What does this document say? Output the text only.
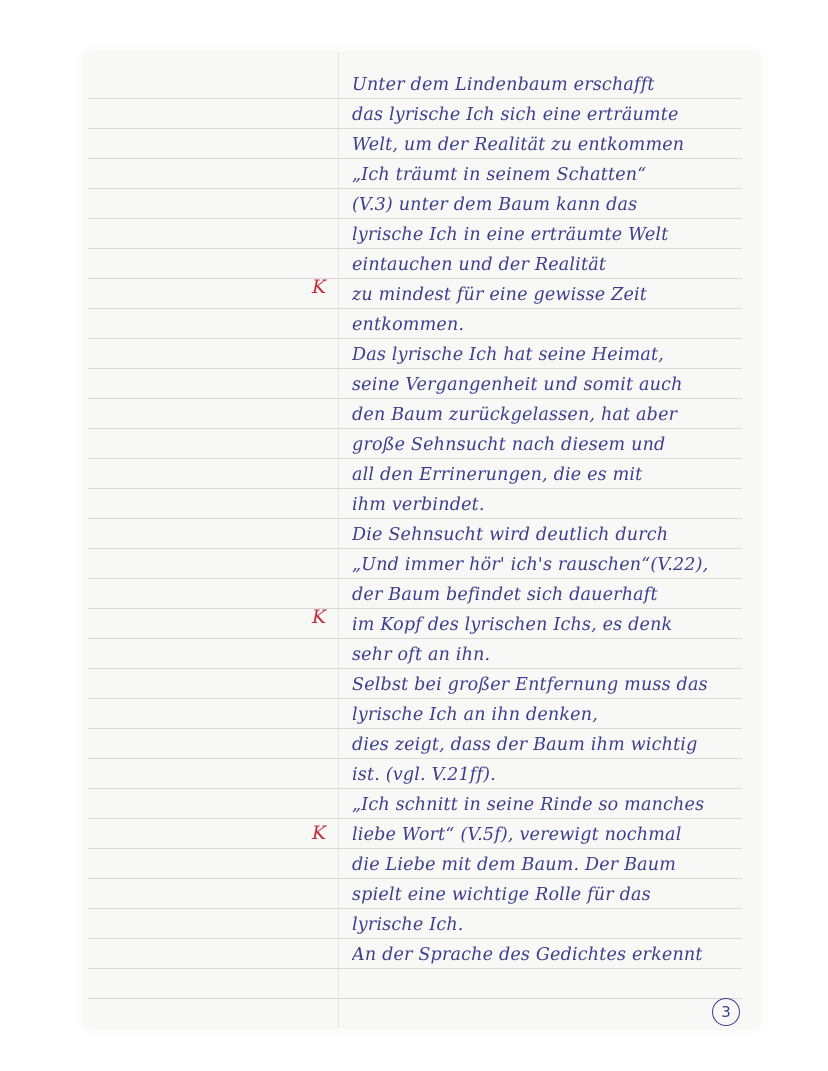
Unter dem Lindenbaum erschafft
das lyrische Ich sich eine erträumte
Welt, um der Realität zu entkommen
„Ich träumt in seinem Schatten“
(V.3) unter dem Baum kann das
lyrische Ich in eine erträumte Welt
eintauchen und der Realität
zu mindest für eine gewisse Zeit
entkommen.
Das lyrische Ich hat seine Heimat,
seine Vergangenheit und somit auch
den Baum zurückgelassen, hat aber
große Sehnsucht nach diesem und
all den Errinerungen, die es mit
ihm verbindet.
Die Sehnsucht wird deutlich durch
„Und immer hör' ich's rauschen“(V.22),
der Baum befindet sich dauerhaft
im Kopf des lyrischen Ichs, es denk
sehr oft an ihn.
Selbst bei großer Entfernung muss das
lyrische Ich an ihn denken,
dies zeigt, dass der Baum ihm wichtig
ist. (vgl. V.21ff).
„Ich schnitt in seine Rinde so manches
liebe Wort“ (V.5f), verewigt nochmal
die Liebe mit dem Baum. Der Baum
spielt eine wichtige Rolle für das
lyrische Ich.
An der Sprache des Gedichtes erkennt
K
K
K
3
